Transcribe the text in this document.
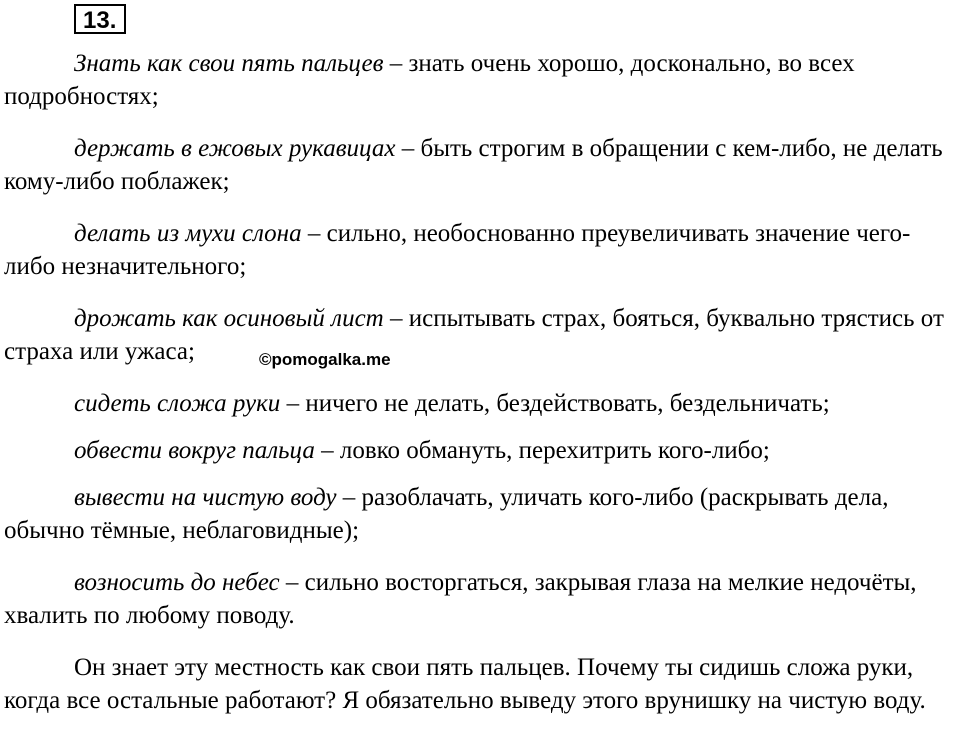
13.

Знать как свои пять пальцев – знать очень хорошо, досконально, во всех подробностях;

держать в ежовых рукавицах – быть строгим в обращении с кем-либо, не делать кому-либо поблажек;

делать из мухи слона – сильно, необоснованно преувеличивать значение чего-либо незначительного;

дрожать как осиновый лист – испытывать страх, бояться, буквально трястись от страха или ужаса;

сидеть сложа руки – ничего не делать, бездействовать, бездельничать;

обвести вокруг пальца – ловко обмануть, перехитрить кого-либо;

вывести на чистую воду – разоблачать, уличать кого-либо (раскрывать дела, обычно тёмные, неблаговидные);

возносить до небес – сильно восторгаться, закрывая глаза на мелкие недочёты, хвалить по любому поводу.

Он знает эту местность как свои пять пальцев. Почему ты сидишь сложа руки, когда все остальные работают? Я обязательно выведу этого врунишку на чистую воду.

©pomogalka.me
